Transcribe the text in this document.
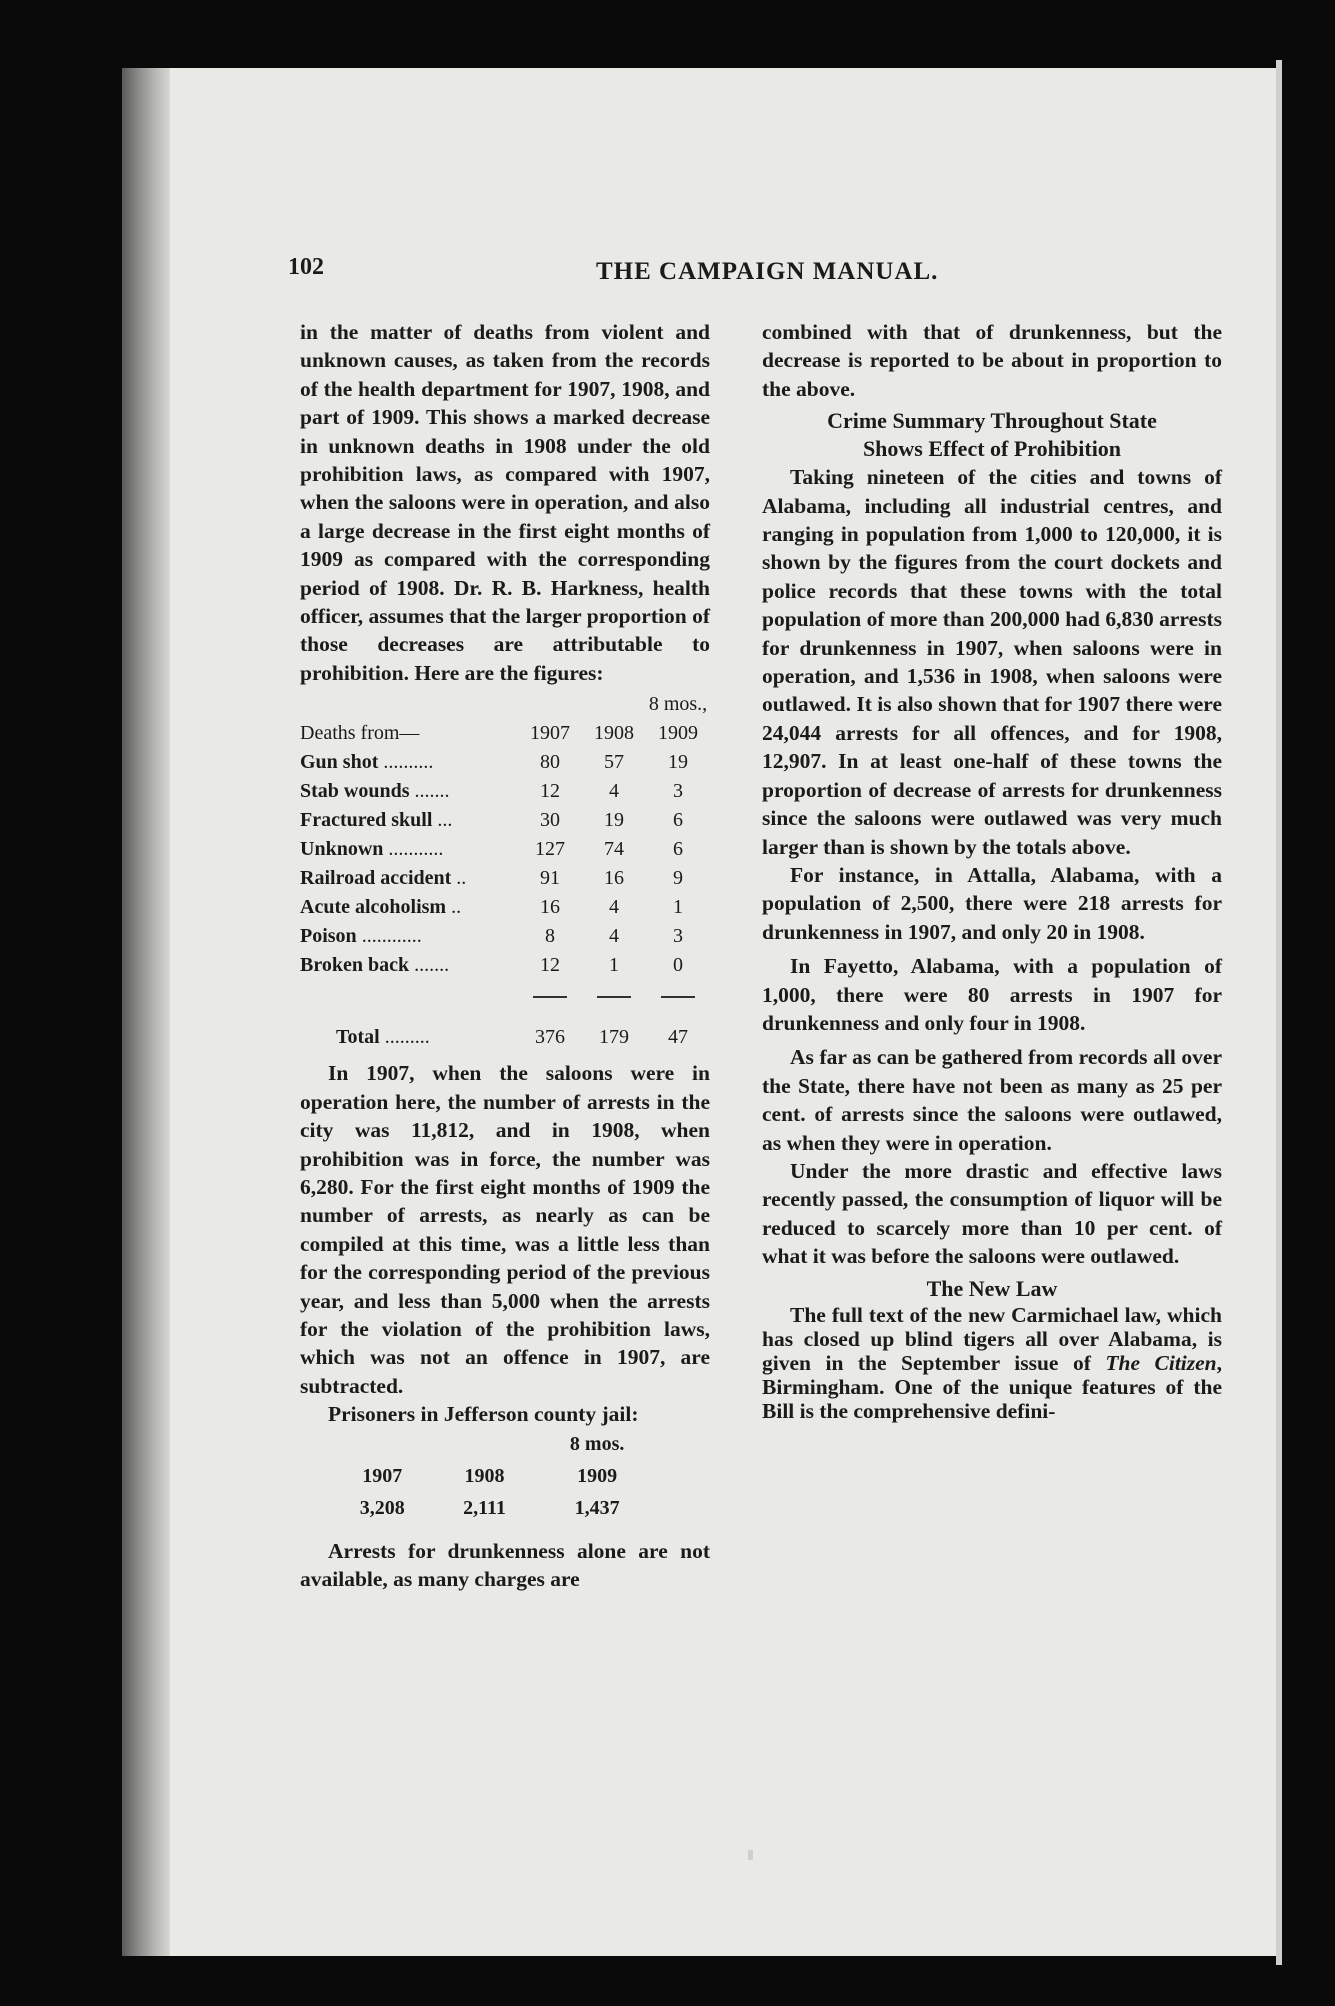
102	THE CAMPAIGN MANUAL.

in the matter of deaths from violent and unknown causes, as taken from the records of the health department for 1907, 1908, and part of 1909. This shows a marked decrease in unknown deaths in 1908 under the old prohibition laws, as compared with 1907, when the saloons were in operation, and also a large decrease in the first eight months of 1909 as compared with the corresponding period of 1908. Dr. R. B. Harkness, health officer, assumes that the larger proportion of those decreases are attributable to prohibition. Here are the figures:

			8 mos.,
Deaths from—	1907	1908	1909
Gun shot ..........	80	57	19
Stab wounds .......	12	4	3
Fractured skull ...	30	19	6
Unknown ...........	127	74	6
Railroad accident ..	91	16	9
Acute alcoholism ..	16	4	1
Poison ............	8	4	3
Broken back .......	12	1	0

Total .........	376	179	47

In 1907, when the saloons were in operation here, the number of arrests in the city was 11,812, and in 1908, when prohibition was in force, the number was 6,280. For the first eight months of 1909 the number of arrests, as nearly as can be compiled at this time, was a little less than for the corresponding period of the previous year, and less than 5,000 when the arrests for the violation of the prohibition laws, which was not an offence in 1907, are subtracted.

Prisoners in Jefferson county jail:

		8 mos.
1907	1908	1909
3,208	2,111	1,437

Arrests for drunkenness alone are not available, as many charges are

combined with that of drunkenness, but the decrease is reported to be about in proportion to the above.

Crime Summary Throughout State
Shows Effect of Prohibition

Taking nineteen of the cities and towns of Alabama, including all industrial centres, and ranging in population from 1,000 to 120,000, it is shown by the figures from the court dockets and police records that these towns with the total population of more than 200,000 had 6,830 arrests for drunkenness in 1907, when saloons were in operation, and 1,536 in 1908, when saloons were outlawed. It is also shown that for 1907 there were 24,044 arrests for all offences, and for 1908, 12,907. In at least one-half of these towns the proportion of decrease of arrests for drunkenness since the saloons were outlawed was very much larger than is shown by the totals above.

For instance, in Attalla, Alabama, with a population of 2,500, there were 218 arrests for drunkenness in 1907, and only 20 in 1908.

In Fayetto, Alabama, with a population of 1,000, there were 80 arrests in 1907 for drunkenness and only four in 1908.

As far as can be gathered from records all over the State, there have not been as many as 25 per cent. of arrests since the saloons were outlawed, as when they were in operation.

Under the more drastic and effective laws recently passed, the consumption of liquor will be reduced to scarcely more than 10 per cent. of what it was before the saloons were outlawed.

The New Law

The full text of the new Carmichael law, which has closed up blind tigers all over Alabama, is given in the September issue of The Citizen, Birmingham. One of the unique features of the Bill is the comprehensive defini-
